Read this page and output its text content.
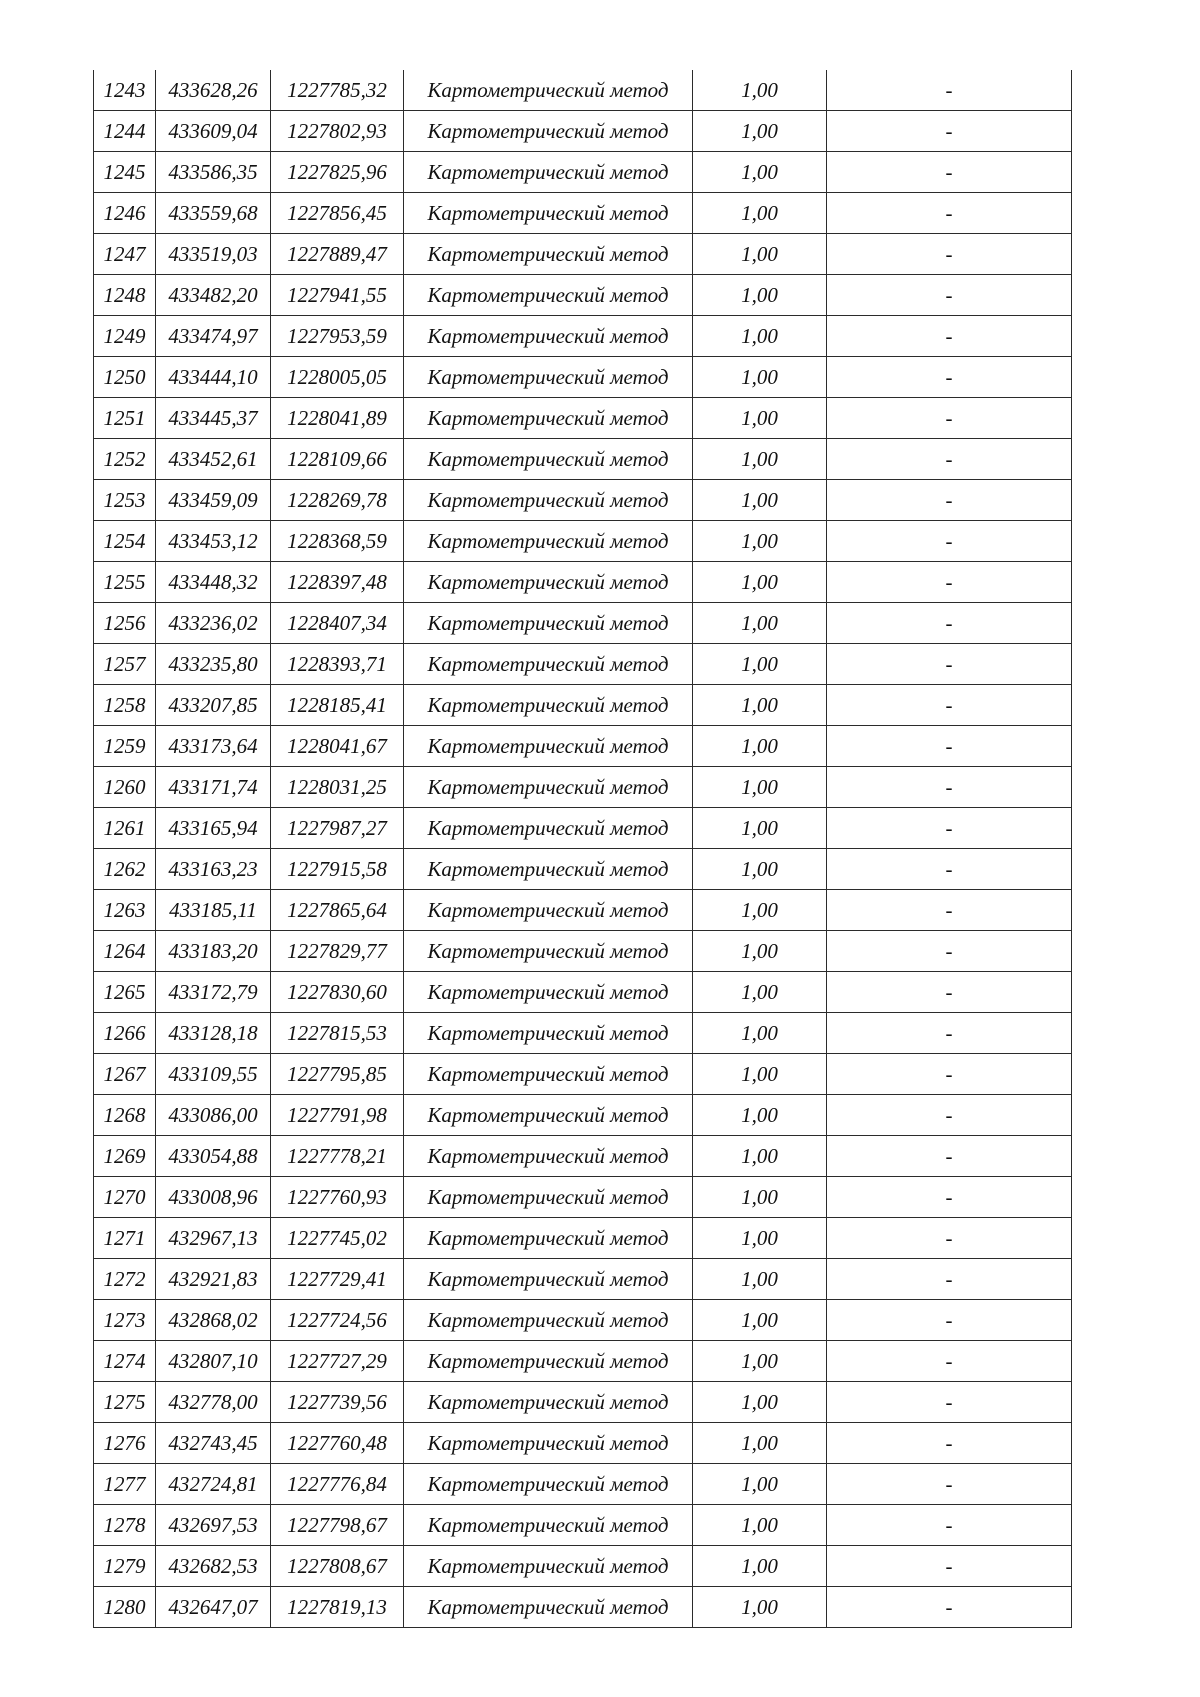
1243	433628,26	1227785,32	Картометрический метод	1,00	-
1244	433609,04	1227802,93	Картометрический метод	1,00	-
1245	433586,35	1227825,96	Картометрический метод	1,00	-
1246	433559,68	1227856,45	Картометрический метод	1,00	-
1247	433519,03	1227889,47	Картометрический метод	1,00	-
1248	433482,20	1227941,55	Картометрический метод	1,00	-
1249	433474,97	1227953,59	Картометрический метод	1,00	-
1250	433444,10	1228005,05	Картометрический метод	1,00	-
1251	433445,37	1228041,89	Картометрический метод	1,00	-
1252	433452,61	1228109,66	Картометрический метод	1,00	-
1253	433459,09	1228269,78	Картометрический метод	1,00	-
1254	433453,12	1228368,59	Картометрический метод	1,00	-
1255	433448,32	1228397,48	Картометрический метод	1,00	-
1256	433236,02	1228407,34	Картометрический метод	1,00	-
1257	433235,80	1228393,71	Картометрический метод	1,00	-
1258	433207,85	1228185,41	Картометрический метод	1,00	-
1259	433173,64	1228041,67	Картометрический метод	1,00	-
1260	433171,74	1228031,25	Картометрический метод	1,00	-
1261	433165,94	1227987,27	Картометрический метод	1,00	-
1262	433163,23	1227915,58	Картометрический метод	1,00	-
1263	433185,11	1227865,64	Картометрический метод	1,00	-
1264	433183,20	1227829,77	Картометрический метод	1,00	-
1265	433172,79	1227830,60	Картометрический метод	1,00	-
1266	433128,18	1227815,53	Картометрический метод	1,00	-
1267	433109,55	1227795,85	Картометрический метод	1,00	-
1268	433086,00	1227791,98	Картометрический метод	1,00	-
1269	433054,88	1227778,21	Картометрический метод	1,00	-
1270	433008,96	1227760,93	Картометрический метод	1,00	-
1271	432967,13	1227745,02	Картометрический метод	1,00	-
1272	432921,83	1227729,41	Картометрический метод	1,00	-
1273	432868,02	1227724,56	Картометрический метод	1,00	-
1274	432807,10	1227727,29	Картометрический метод	1,00	-
1275	432778,00	1227739,56	Картометрический метод	1,00	-
1276	432743,45	1227760,48	Картометрический метод	1,00	-
1277	432724,81	1227776,84	Картометрический метод	1,00	-
1278	432697,53	1227798,67	Картометрический метод	1,00	-
1279	432682,53	1227808,67	Картометрический метод	1,00	-
1280	432647,07	1227819,13	Картометрический метод	1,00	-
